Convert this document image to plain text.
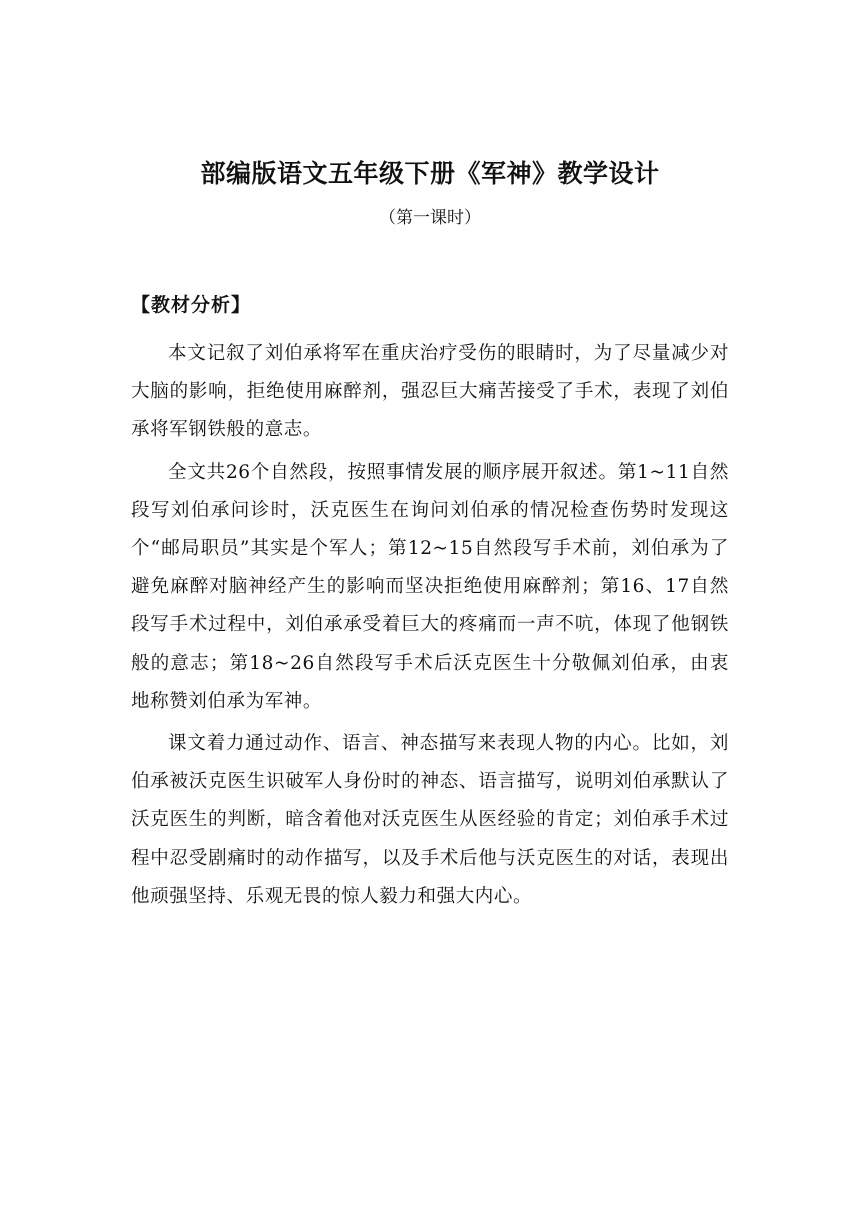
部编版语文五年级下册《军神》教学设计
（第一课时）
【教材分析】

本文记叙了刘伯承将军在重庆治疗受伤的眼睛时，为了尽量减少对大脑的影响，拒绝使用麻醉剂，强忍巨大痛苦接受了手术，表现了刘伯承将军钢铁般的意志。

全文共26个自然段，按照事情发展的顺序展开叙述。第1~11自然段写刘伯承问诊时，沃克医生在询问刘伯承的情况检查伤势时发现这个“邮局职员”其实是个军人；第12~15自然段写手术前，刘伯承为了避免麻醉对脑神经产生的影响而坚决拒绝使用麻醉剂；第16、17自然段写手术过程中，刘伯承承受着巨大的疼痛而一声不吭，体现了他钢铁般的意志；第18~26自然段写手术后沃克医生十分敬佩刘伯承，由衷地称赞刘伯承为军神。

课文着力通过动作、语言、神态描写来表现人物的内心。比如，刘伯承被沃克医生识破军人身份时的神态、语言描写，说明刘伯承默认了沃克医生的判断，暗含着他对沃克医生从医经验的肯定；刘伯承手术过程中忍受剧痛时的动作描写，以及手术后他与沃克医生的对话，表现出他顽强坚持、乐观无畏的惊人毅力和强大内心。
